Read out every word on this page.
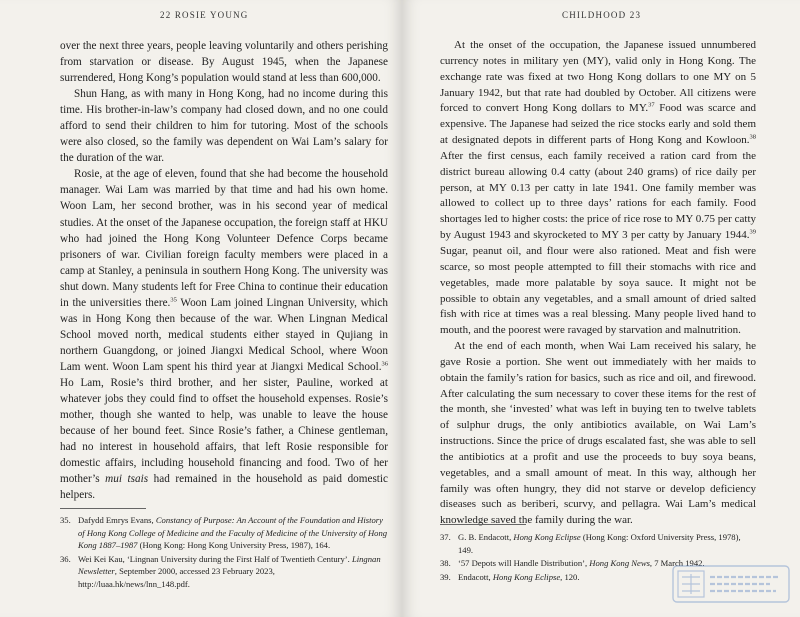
22 ROSIE YOUNG

over the next three years, people leaving voluntarily and others perishing from starvation or disease. By August 1945, when the Japanese surrendered, Hong Kong’s population would stand at less than 600,000.

Shun Hang, as with many in Hong Kong, had no income during this time. His brother-in-law’s company had closed down, and no one could afford to send their children to him for tutoring. Most of the schools were also closed, so the family was dependent on Wai Lam’s salary for the duration of the war.

Rosie, at the age of eleven, found that she had become the household manager. Wai Lam was married by that time and had his own home. Woon Lam, her second brother, was in his second year of medical studies. At the onset of the Japanese occupation, the foreign staff at HKU who had joined the Hong Kong Volunteer Defence Corps became prisoners of war. Civilian foreign faculty members were placed in a camp at Stanley, a peninsula in southern Hong Kong. The university was shut down. Many students left for Free China to continue their education in the universities there.$^{35}$ Woon Lam joined Lingnan University, which was in Hong Kong then because of the war. When Lingnan Medical School moved north, medical students either stayed in Qujiang in northern Guangdong, or joined Jiangxi Medical School, where Woon Lam went. Woon Lam spent his third year at Jiangxi Medical School.$^{36}$ Ho Lam, Rosie’s third brother, and her sister, Pauline, worked at whatever jobs they could find to offset the household expenses. Rosie’s mother, though she wanted to help, was unable to leave the house because of her bound feet. Since Rosie’s father, a Chinese gentleman, had no interest in household affairs, that left Rosie responsible for domestic affairs, including household financing and food. Two of her mother’s mui tsais had remained in the household as paid domestic helpers.

35. Dafydd Emrys Evans, Constancy of Purpose: An Account of the Foundation and History of Hong Kong College of Medicine and the Faculty of Medicine of the University of Hong Kong 1887–1987 (Hong Kong: Hong Kong University Press, 1987), 164.
36. Wei Kei Kau, ‘Lingnan University during the First Half of Twentieth Century’. Lingnan Newsletter, September 2000, accessed 23 February 2023, http://luaa.hk/news/lnn_148.pdf.
CHILDHOOD 23

At the onset of the occupation, the Japanese issued unnumbered currency notes in military yen (MY), valid only in Hong Kong. The exchange rate was fixed at two Hong Kong dollars to one MY on 5 January 1942, but that rate had doubled by October. All citizens were forced to convert Hong Kong dollars to MY.$^{37}$ Food was scarce and expensive. The Japanese had seized the rice stocks early and sold them at designated depots in different parts of Hong Kong and Kowloon.$^{38}$ After the first census, each family received a ration card from the district bureau allowing 0.4 catty (about 240 grams) of rice daily per person, at MY 0.13 per catty in late 1941. One family member was allowed to collect up to three days’ rations for each family. Food shortages led to higher costs: the price of rice rose to MY 0.75 per catty by August 1943 and skyrocketed to MY 3 per catty by January 1944.39 Sugar, peanut oil, and flour were also rationed. Meat and fish were scarce, so most people attempted to fill their stomachs with rice and vegetables, made more palatable by soya sauce. It might not be possible to obtain any vegetables, and a small amount of dried salted fish with rice at times was a real blessing. Many people lived hand to mouth, and the poorest were ravaged by starvation and malnutrition.

At the end of each month, when Wai Lam received his salary, he gave Rosie a portion. She went out immediately with her maids to obtain the family’s ration for basics, such as rice and oil, and firewood. After calculating the sum necessary to cover these items for the rest of the month, she ‘invested’ what was left in buying ten to twelve tablets of sulphur drugs, the only antibiotics available, on Wai Lam’s instructions. Since the price of drugs escalated fast, she was able to sell the antibiotics at a profit and use the proceeds to buy soya beans, vegetables, and a small amount of meat. In this way, although her family was often hungry, they did not starve or develop deficiency diseases such as beriberi, scurvy, and pellagra. Wai Lam’s medical knowledge saved the family during the war.

37. G. B. Endacott, Hong Kong Eclipse (Hong Kong: Oxford University Press, 1978), 149.
38. ‘57 Depots will Handle Distribution’, Hong Kong News, 7 March 1942.
39. Endacott, Hong Kong Eclipse, 120.
